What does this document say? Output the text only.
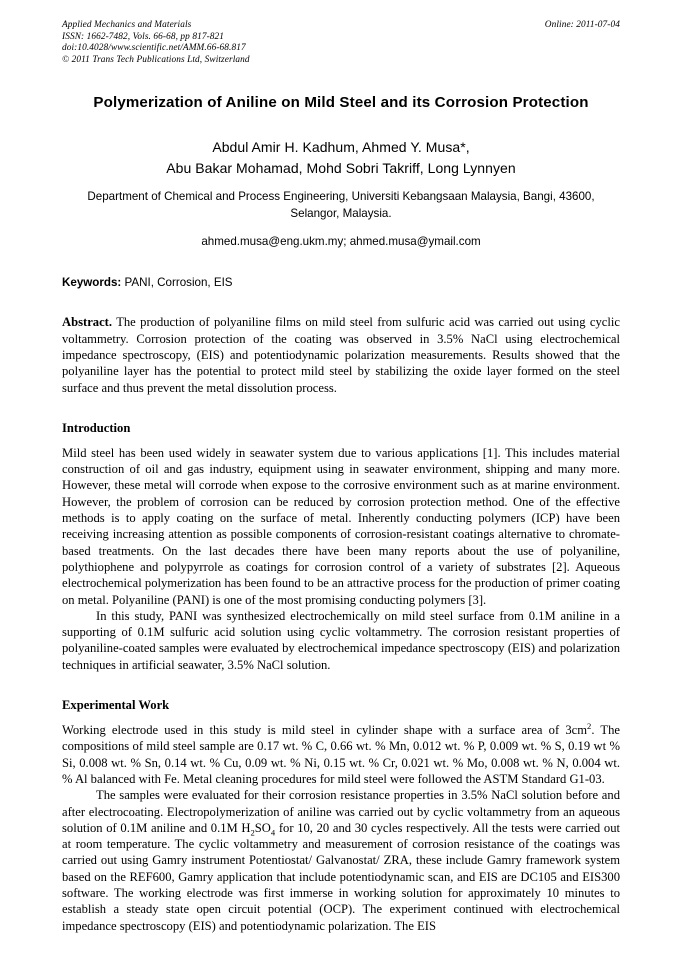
Applied Mechanics and Materials
ISSN: 1662-7482, Vols. 66-68, pp 817-821
doi:10.4028/www.scientific.net/AMM.66-68.817
© 2011 Trans Tech Publications Ltd, Switzerland
Online: 2011-07-04
Polymerization of Aniline on Mild Steel and its Corrosion Protection
Abdul Amir H. Kadhum, Ahmed Y. Musa*,
Abu Bakar Mohamad, Mohd Sobri Takriff, Long Lynnyen
Department of Chemical and Process Engineering, Universiti Kebangsaan Malaysia, Bangi, 43600, Selangor, Malaysia.
ahmed.musa@eng.ukm.my; ahmed.musa@ymail.com
Keywords: PANI, Corrosion, EIS
Abstract. The production of polyaniline films on mild steel from sulfuric acid was carried out using cyclic voltammetry. Corrosion protection of the coating was observed in 3.5% NaCl using electrochemical impedance spectroscopy, (EIS) and potentiodynamic polarization measurements. Results showed that the polyaniline layer has the potential to protect mild steel by stabilizing the oxide layer formed on the steel surface and thus prevent the metal dissolution process.
Introduction
Mild steel has been used widely in seawater system due to various applications [1]. This includes material construction of oil and gas industry, equipment using in seawater environment, shipping and many more. However, these metal will corrode when expose to the corrosive environment such as at marine environment. However, the problem of corrosion can be reduced by corrosion protection method. One of the effective methods is to apply coating on the surface of metal. Inherently conducting polymers (ICP) have been receiving increasing attention as possible components of corrosion-resistant coatings alternative to chromate-based treatments. On the last decades there have been many reports about the use of polyaniline, polythiophene and polypyrrole as coatings for corrosion control of a variety of substrates [2]. Aqueous electrochemical polymerization has been found to be an attractive process for the production of primer coating on metal. Polyaniline (PANI) is one of the most promising conducting polymers [3].
In this study, PANI was synthesized electrochemically on mild steel surface from 0.1M aniline in a supporting of 0.1M sulfuric acid solution using cyclic voltammetry. The corrosion resistant properties of polyaniline-coated samples were evaluated by electrochemical impedance spectroscopy (EIS) and polarization techniques in artificial seawater, 3.5% NaCl solution.
Experimental Work
Working electrode used in this study is mild steel in cylinder shape with a surface area of $3cm^2$. The compositions of mild steel sample are 0.17 wt. % C, 0.66 wt. % Mn, 0.012 wt. % P, 0.009 wt. % S, 0.19 wt % Si, 0.008 wt. % Sn, 0.14 wt. % Cu, 0.09 wt. % Ni, 0.15 wt. % Cr, 0.021 wt. % Mo, 0.008 wt. % N, 0.004 wt. % Al balanced with Fe. Metal cleaning procedures for mild steel were followed the ASTM Standard G1-03.
The samples were evaluated for their corrosion resistance properties in 3.5% NaCl solution before and after electrocoating. Electropolymerization of aniline was carried out by cyclic voltammetry from an aqueous solution of 0.1M aniline and 0.1M $H_2SO_4$ for 10, 20 and 30 cycles respectively. All the tests were carried out at room temperature. The cyclic voltammetry and measurement of corrosion resistance of the coatings was carried out using Gamry instrument Potentiostat/ Galvanostat/ ZRA, these include Gamry framework system based on the REF600, Gamry application that include potentiodynamic scan, and EIS are DC105 and EIS300 software. The working electrode was first immerse in working solution for approximately 10 minutes to establish a steady state open circuit potential (OCP). The experiment continued with electrochemical impedance spectroscopy (EIS) and potentiodynamic polarization. The EIS
